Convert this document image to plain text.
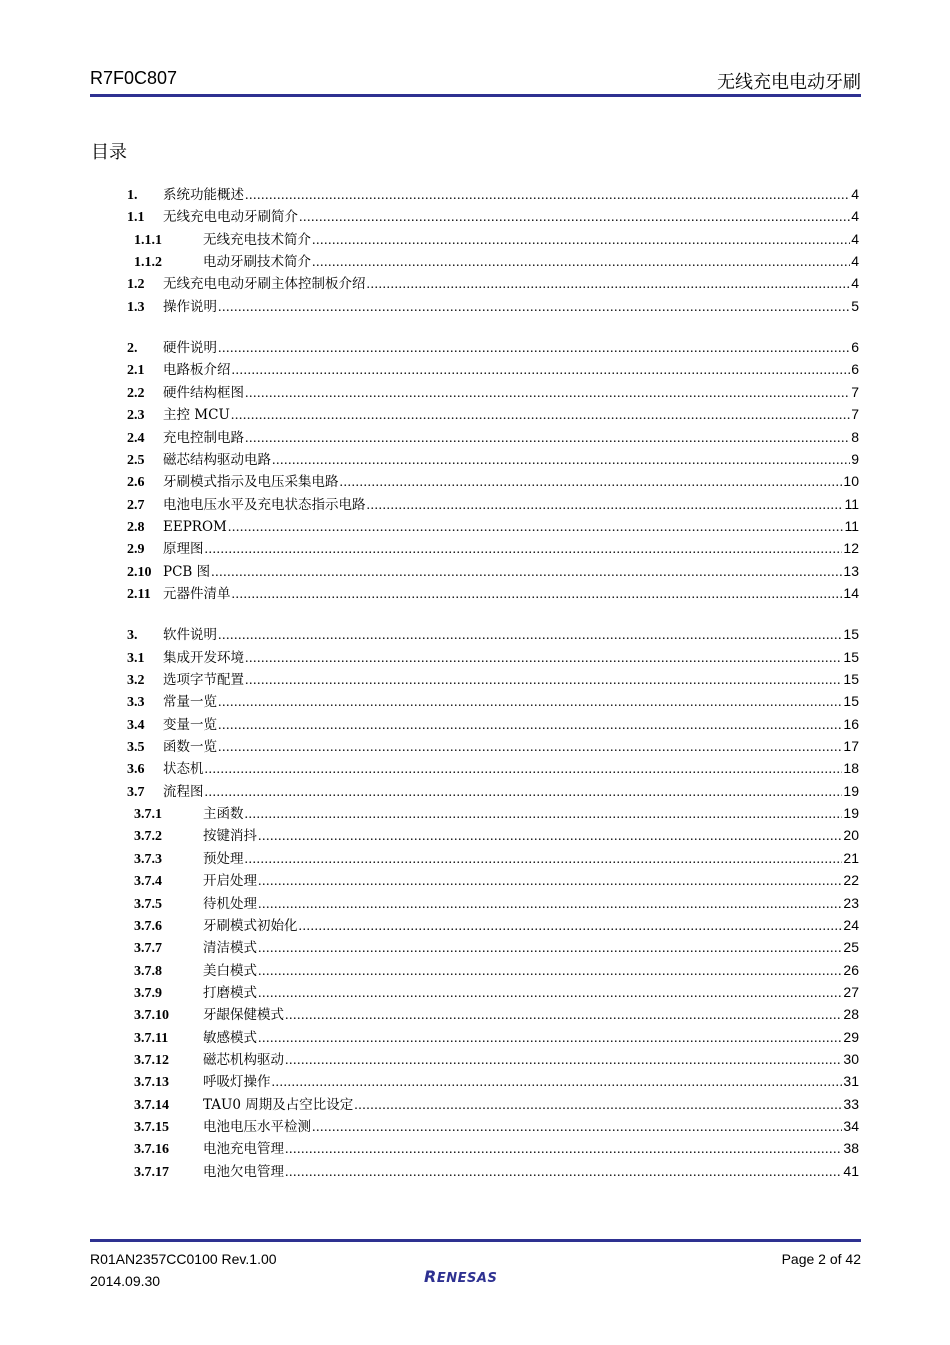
R7F0C807	无线充电电动牙刷
目录
1.	系统功能概述 .....	4
1.1	无线充电电动牙刷简介 .....	4
1.1.1	无线充电技术简介 .....	4
1.1.2	电动牙刷技术简介 .....	4
1.2	无线充电电动牙刷主体控制板介绍 .....	4
1.3	操作说明 .....	5
2.	硬件说明 .....	6
2.1	电路板介绍 .....	6
2.2	硬件结构框图 .....	7
2.3	主控 MCU .....	7
2.4	充电控制电路 .....	8
2.5	磁芯结构驱动电路 .....	9
2.6	牙刷模式指示及电压采集电路 .....	10
2.7	电池电压水平及充电状态指示电路 .....	11
2.8	EEPROM .....	11
2.9	原理图 .....	12
2.10 PCB 图 .....	13
2.11 元器件清单 .....	14
3.	软件说明 .....	15
3.1	集成开发环境 .....	15
3.2	选项字节配置 .....	15
3.3	常量一览 .....	15
3.4	变量一览 .....	16
3.5	函数一览 .....	17
3.6	状态机 .....	18
3.7	流程图 .....	19
3.7.1	主函数 .....	19
3.7.2	按键消抖 .....	20
3.7.3	预处理 .....	21
3.7.4	开启处理 .....	22
3.7.5	待机处理 .....	23
3.7.6	牙刷模式初始化 .....	24
3.7.7	清洁模式 .....	25
3.7.8	美白模式 .....	26
3.7.9	打磨模式 .....	27
3.7.10	牙龈保健模式 .....	28
3.7.11	敏感模式 .....	29
3.7.12	磁芯机构驱动 .....	30
3.7.13	呼吸灯操作 .....	31
3.7.14	TAU0 周期及占空比设定 .....	33
3.7.15	电池电压水平检测 .....	34
3.7.16	电池充电管理 .....	38
3.7.17	电池欠电管理 .....	41
R01AN2357CC0100 Rev.1.00
2014.09.30
Page 2 of 42
RENESAS
